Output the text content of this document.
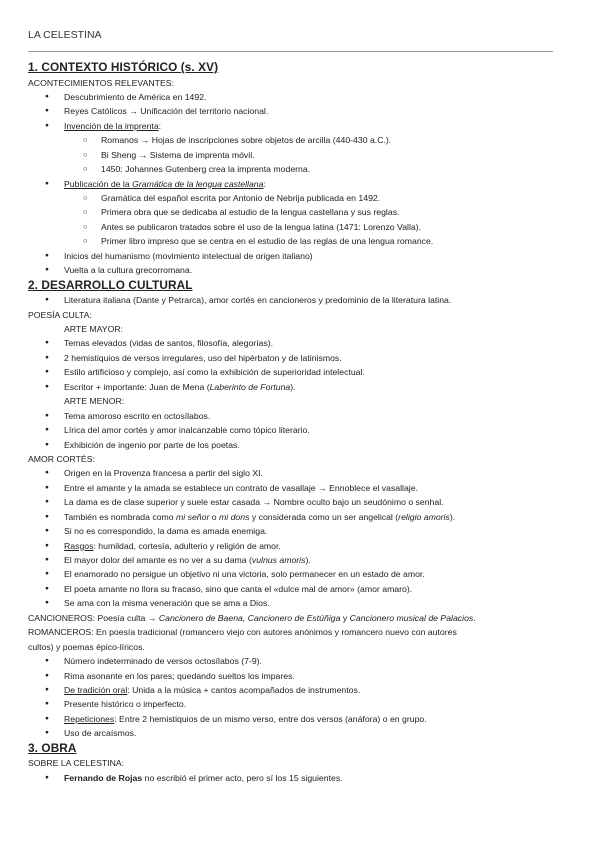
LA CELESTINA
1. CONTEXTO HISTÓRICO (s. XV)
ACONTECIMIENTOS RELEVANTES:
● Descubrimiento de América en 1492.
● Reyes Católicos → Unificación del territorio nacional.
● Invención de la imprenta:
○ Romanos → Hojas de inscripciones sobre objetos de arcilla (440-430 a.C.).
○ Bi Sheng → Sistema de imprenta móvil.
○ 1450: Johannes Gutenberg crea la imprenta moderna.
● Publicación de la Gramática de la lengua castellana:
○ Gramática del español escrita por Antonio de Nebrija publicada en 1492.
○ Primera obra que se dedicaba al estudio de la lengua castellana y sus reglas.
○ Antes se publicaron tratados sobre el uso de la lengua latina (1471: Lorenzo Valla).
○ Primer libro impreso que se centra en el estudio de las reglas de una lengua romance.
● Inicios del humanismo (movimiento intelectual de origen italiano)
● Vuelta a la cultura grecorromana.
2. DESARROLLO CULTURAL
● Literatura italiana (Dante y Petrarca), amor cortés en cancioneros y predominio de la literatura latina.
POESÍA CULTA:
ARTE MAYOR:
● Temas elevados (vidas de santos, filosofía, alegorías).
● 2 hemistiquios de versos irregulares, uso del hipérbaton y de latinismos.
● Estilo artificioso y complejo, así como la exhibición de superioridad intelectual.
● Escritor + importante: Juan de Mena (Laberinto de Fortuna).
ARTE MENOR:
● Tema amoroso escrito en octosílabos.
● Lírica del amor cortés y amor inalcanzable como tópico literario.
● Exhibición de ingenio por parte de los poetas.
AMOR CORTÉS:
● Origen en la Provenza francesa a partir del siglo XI.
● Entre el amante y la amada se establece un contrato de vasallaje → Ennoblece el vasallaje.
● La dama es de clase superior y suele estar casada → Nombre oculto bajo un seudónimo o senhal.
● También es nombrada como mi señor o mi dons y considerada como un ser angelical (religio amoris).
● Si no es correspondido, la dama es amada enemiga.
● Rasgos: humildad, cortesía, adulterio y religión de amor.
● El mayor dolor del amante es no ver a su dama (vulnus amoris).
● El enamorado no persigue un objetivo ni una victoria, solo permanecer en un estado de amor.
● El poeta amante no llora su fracaso, sino que canta el «dulce mal de amor» (amor amaro).
● Se ama con la misma veneración que se ama a Dios.
CANCIONEROS: Poesía culta → Cancionero de Baena, Cancionero de Estúñiga y Cancionero musical de Palacios.
ROMANCEROS: En poesía tradicional (romancero viejo con autores anónimos y romancero nuevo con autores
cultos) y poemas épico-líricos.
● Número indeterminado de versos octosílabos (7-9).
● Rima asonante en los pares; quedando sueltos los impares.
● De tradición oral: Unida a la música + cantos acompañados de instrumentos.
● Presente histórico o imperfecto.
● Repeticiones: Entre 2 hemistiquios de un mismo verso, entre dos versos (anáfora) o en grupo.
● Uso de arcaísmos.
3. OBRA
SOBRE LA CELESTINA:
● Fernando de Rojas no escribió el primer acto, pero sí los 15 siguientes.
